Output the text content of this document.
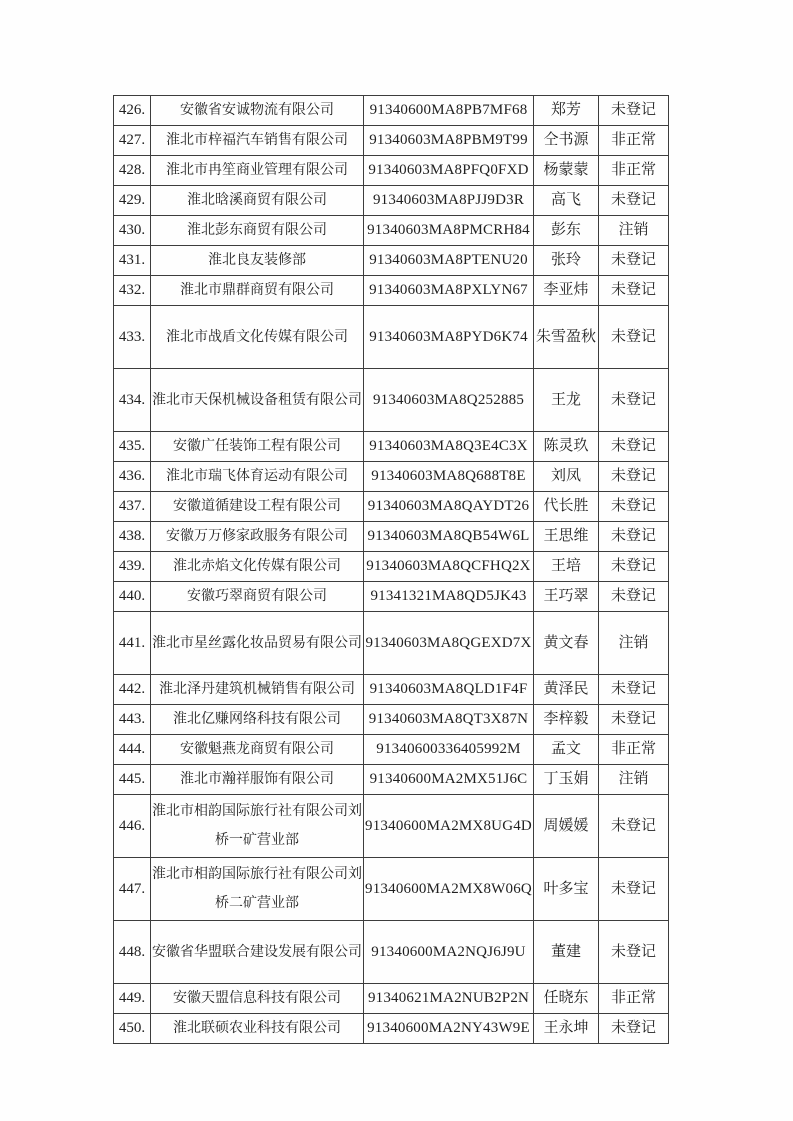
426.	安徽省安诚物流有限公司	91340600MA8PB7MF68	郑芳	未登记
427.	淮北市梓福汽车销售有限公司	91340603MA8PBM9T99	仝书源	非正常
428.	淮北市冉笙商业管理有限公司	91340603MA8PFQ0FXD	杨蒙蒙	非正常
429.	淮北晗溪商贸有限公司	91340603MA8PJJ9D3R	高飞	未登记
430.	淮北彭东商贸有限公司	91340603MA8PMCRH84	彭东	注销
431.	淮北良友装修部	91340603MA8PTENU20	张玲	未登记
432.	淮北市鼎群商贸有限公司	91340603MA8PXLYN67	李亚炜	未登记
433.	淮北市战盾文化传媒有限公司	91340603MA8PYD6K74	朱雪盈秋	未登记
434.	淮北市天保机械设备租赁有限公司	91340603MA8Q252885	王龙	未登记
435.	安徽广任装饰工程有限公司	91340603MA8Q3E4C3X	陈灵玖	未登记
436.	淮北市瑞飞体育运动有限公司	91340603MA8Q688T8E	刘凤	未登记
437.	安徽道循建设工程有限公司	91340603MA8QAYDT26	代长胜	未登记
438.	安徽万万修家政服务有限公司	91340603MA8QB54W6L	王思维	未登记
439.	淮北赤焰文化传媒有限公司	91340603MA8QCFHQ2X	王培	未登记
440.	安徽巧翠商贸有限公司	91341321MA8QD5JK43	王巧翠	未登记
441.	淮北市星丝露化妆品贸易有限公司	91340603MA8QGEXD7X	黄文春	注销
442.	淮北泽丹建筑机械销售有限公司	91340603MA8QLD1F4F	黄泽民	未登记
443.	淮北亿赚网络科技有限公司	91340603MA8QT3X87N	李梓毅	未登记
444.	安徽魁燕龙商贸有限公司	91340600336405992M	孟文	非正常
445.	淮北市瀚祥服饰有限公司	91340600MA2MX51J6C	丁玉娟	注销
446.	淮北市相韵国际旅行社有限公司刘桥一矿营业部	91340600MA2MX8UG4D	周媛媛	未登记
447.	淮北市相韵国际旅行社有限公司刘桥二矿营业部	91340600MA2MX8W06Q	叶多宝	未登记
448.	安徽省华盟联合建设发展有限公司	91340600MA2NQJ6J9U	董建	未登记
449.	安徽天盟信息科技有限公司	91340621MA2NUB2P2N	任晓东	非正常
450.	淮北联硕农业科技有限公司	91340600MA2NY43W9E	王永坤	未登记
